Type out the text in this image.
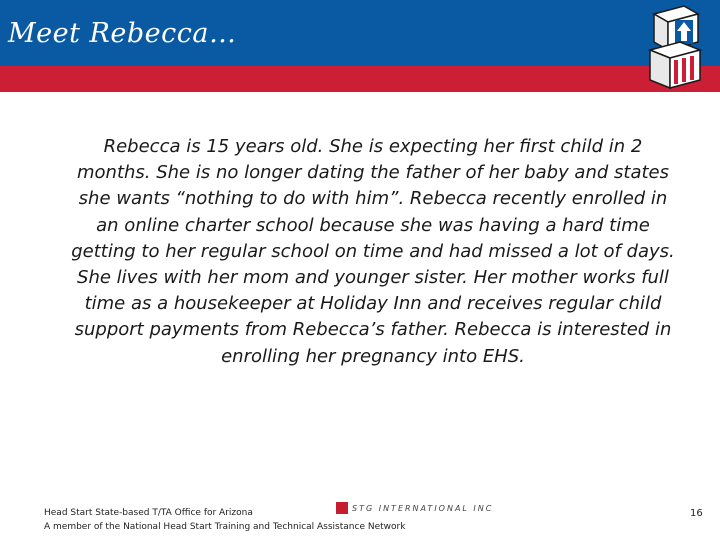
Meet Rebecca…
Rebecca is 15 years old. She is expecting her first child in 2 months. She is no longer dating the father of her baby and states she wants “nothing to do with him”. Rebecca recently enrolled in an online charter school because she was having a hard time getting to her regular school on time and had missed a lot of days. She lives with her mom and younger sister. Her mother works full time as a housekeeper at Holiday Inn and receives regular child support payments from Rebecca’s father. Rebecca is interested in enrolling her pregnancy into EHS.
Head Start State-based T/TA Office for Arizona
A member of the National Head Start Training and Technical Assistance Network
STG INTERNATIONAL INC	16
